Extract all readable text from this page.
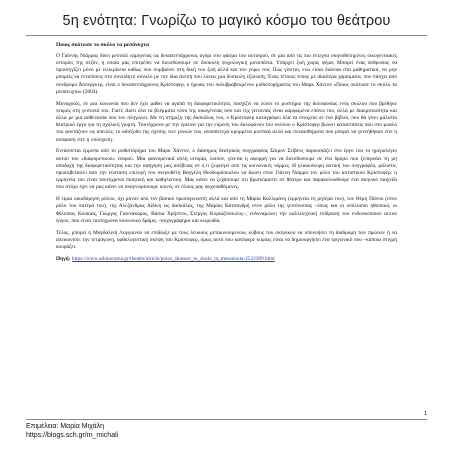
5η ενότητα: Γνωρίζω το μαγικό κόσμο του θεάτρου
Ποιος σκότωσε το σκύλο τα μεσάνυχτα

Ο Γιάννης Νιάρρος δίνει ρεσιτάλ ερμηνείας ως δεκαπεντάχρονος αγόρι στο φάσμα του αυτισμού, σε μία από τις πιο έντεχνα σκηνοθετημένες οικογενειακές ιστορίες της σεζόν, η οποία μας επιτρέπει να διεισδύσουμε σε δύσκολη ψυχολογική μονοπάτια. Υπάρχει ζωή χωρίς ψέμα; Μπορεί ένας άνθρωπος να προσεγγίζει μόνο με ειλικρίνεια καθώς που συμβαίνει στη δική του ζωή αλλά και του γύρω του; Πώς γίνεται, ενώ είσαι διάνοια στα μαθηματικά, να μην μπορείς να εντοπίσεις στο συνειδητό σύνολο με την ίδια άνεση που λύνεις μια δύσκολη εξίσωση; Ένας τέτοιος τύπος με ιδιαίτερα χαρίσματα, που πάσχει από σύνδρομο Άσπεργκερ, είναι ο δεκαπεντάχρονος Κρίστοφερ, ο ήρωας του πολυβραβευμένου μυθιστορήματος του Μαρκ Χάντον «Ποιος σκότωσε το σκύλο τα μεσάνυχτα» (2004).

Μοναχικός, σε μια κοινωνία που δεν έχει μάθει να αγαπά τη διαφορετικότητα, πασχίζει να λύσει το μυστήριο της δολοφονίας ενός σκύλου που βρέθηκε νεκρός στη γειτονιά του. Γιατί; Διότι όλα τα βλέμματα τόσο της οικογένειας όσο και της γειτονιάς είναι καρφωμένα επάνω του, αλλά με διακριτικότητα και άλλα με μια ασθενασία που τον πληγώνει. Με τη στήριξη της δασκάλας του, ο Κρίστοφερ καταγράφει όλα τα στοιχεία σε ένα βιβλίο, που θα γίνει μάλιστα θεατρικό έργο για τη σχολική γιορτή. Ταυτόχρονα με την έρευνα για την εύρεση του δολοφόνου του σκύλου ο Κρίστοφερ βιώνει καταστάσεις που στο μυαλό του φαντάζουν ως απειλές: το αδιέξοδο της σχέσης των γονιών του, αναπάντεχα κρυμμένα μυστικά αλλά και συναισθήματα που μπορεί να γεννήθηκαν είτε η απόφαση είτε η υπόσχεση.

Εντάσσεται έμμεσα από το μυθιστόρημα του Μαρκ Χάντον, ο διάσημος θεατρικός συγγραφέας Σάιμον Στίβενς παρουσιάζει στο έργο του το ημερολόγιο αυτού του «διαφορετικού» νεαρού. Μια φαινομενικά απλή ιστορία, λοιπόν, γίνεται η αφορμή για να διεισδύσουμε σε ένα δρόμο που ξεπερνάει τη μη αποδοχή της διαφορετικότητας και την αφηγηση μας ασέβειας σε ό,τι ξεφεύγει από τις κοινωνικές νόρμες. Η γλαυκόκυρη αυτική του συγγραφέα, μάλιστα, πρωτοβεταίνει από την εύσταση επιλογή του σκηνοθέτη Βαγγέλη Θεοδωρόπουλου να δώσει στον Γιάννη Νιάρρο τον ρόλο του αυτιστικού Κρίστοφερ: η ερμηνεία του είναι ταυτόχρονα ποιητική και καθηλωτική. Μας κάνει να ξεχάσουμε ότι βρισκόμαστε σε θέατρο και παρακολουθούμε ένα σκηνικό παιχνίδι που στόχο έχει να μας κάνει να αναγνωρίσουμε κοινές σε όλους μας ψυχοπαθόμενες.

Η τίμια οικοδόμηση ρόλου, όχι μόνον από τον βασικό πρωταγωνιστή αλλά και από τη Μαρία Καλλιμάνη (ερμηνεία τη μητέρα του), τον Θέμη Πάνου (στον ρόλο του πατέρα του), της Αλεξάνδρας Αϊδίνη ως δασκάλας, της Μαρίας Κατσανδρή στον ρόλο της γειτόνισσας –όπως και οι υπόλοιποι ηθοποιοί, οι Φίλιππος Κούκιας, Γιώργος Γιαννάκαρος, Βάσια Χρήστου, Στέργος Κυριαζόπουλος–, ενδυναμώνει την καλλιτεχνική επίδραση του ενδοσκοπικού αυτού έργου, που είναι ταυτόχρονα κοινωνικό δράμα, -ψυχογράφημα και κωμωδία.

Τέλος, μπορεί η Μαγδαλινή Λογγιανού να επιδίωξε με τους λευκούς μετακινούμενους κύβους του σκηνικού να υπονοήσει τη διαδρομή των πρώτων ή να απεικονίσει την τετράγωνη, ορθολογιστική σκέψη του Κρίστοφερ, όμως αυτό που κατάφερε κυρίως είναι να δημιουργήσει ένα τριγωνικό που –κάποια στιγμή κουράζει.

Πηγή: https://www.athinorama.gr/theatre/article/poios_skotose_to_skulo_ta_mesanuxta-2532389.html

1
Επιμέλεια: Μαρία Μιχάλη
https://blogs.sch.gr/m_michali
